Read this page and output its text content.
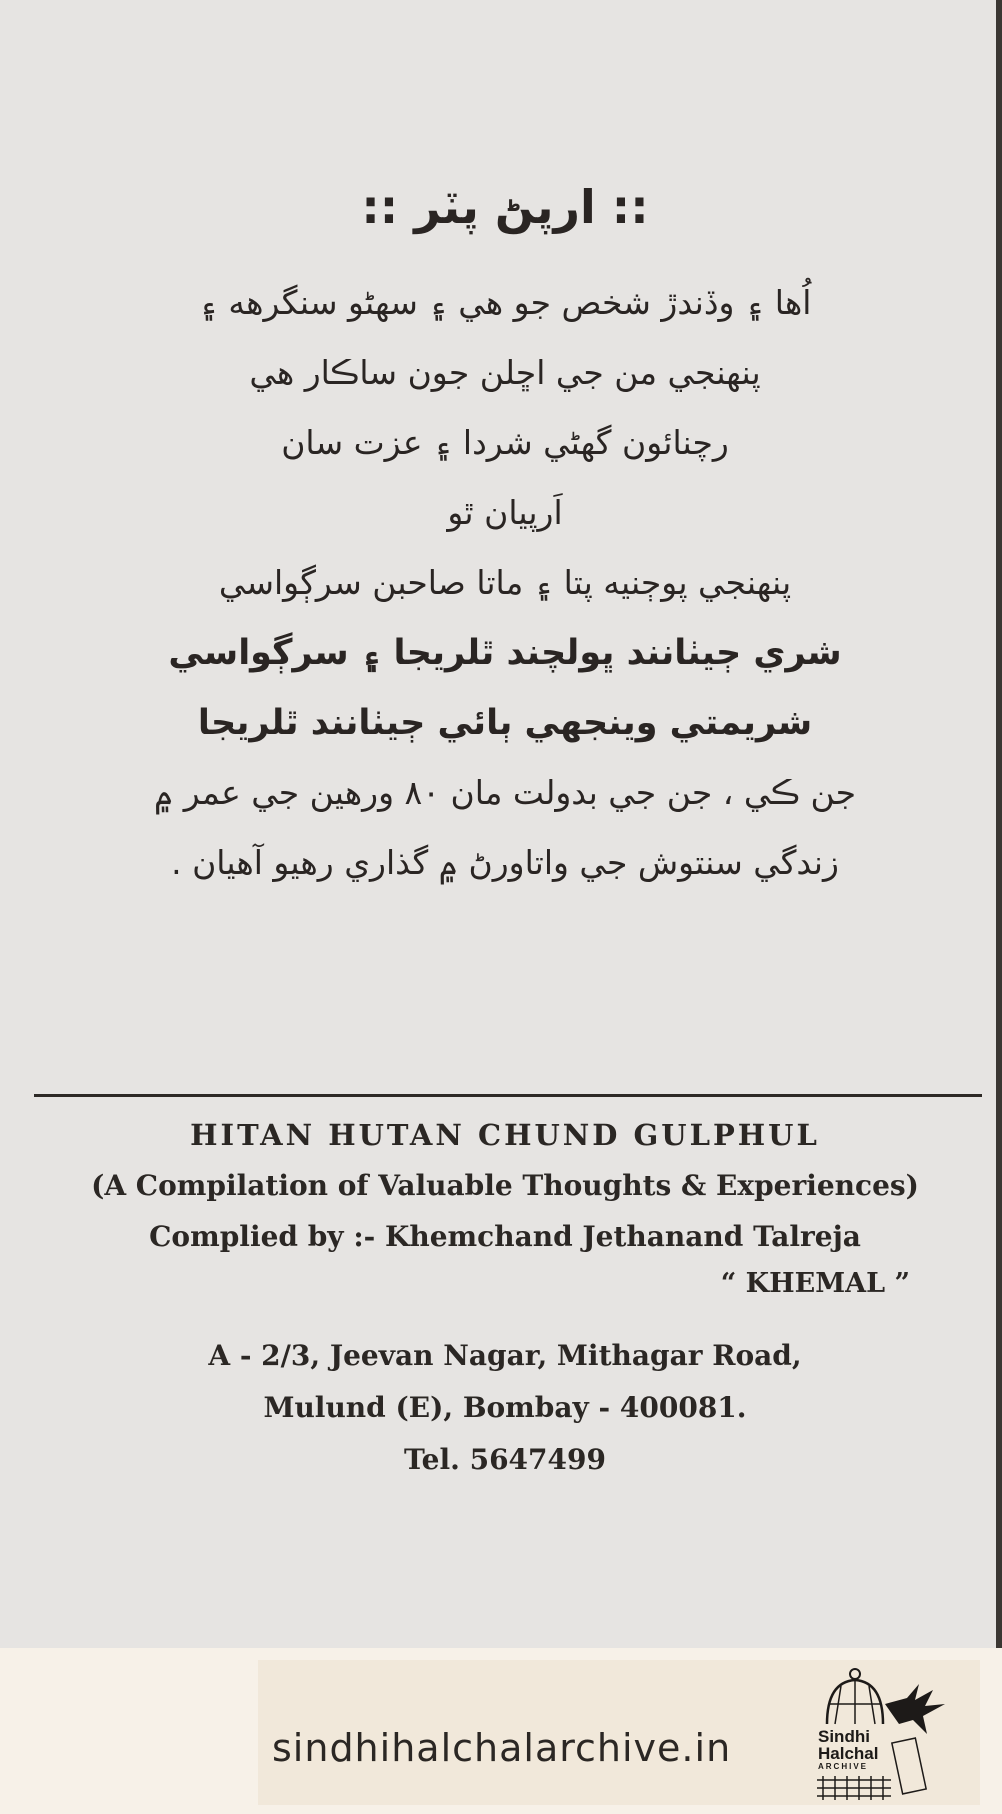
:: ارپڻ پٽر ::

اُها ۽ وڏندڙ شخص جو هي ۽ سهڻو سنگرهه ۽

پنهنجي من جي اڇلن جون ساڪار هي

رچنائون گهڻي شردا ۽ عزت سان

اَرپيان ٿو

پنهنجي پوڄنيه پتا ۽ ماتا صاحبن سرڳواسي

شري ڄيٺانند ڀولچند ٿلريجا ۽ سرڳواسي

شريمتي وينجهي ٻائي ڄيٺانند ٿلريجا

جن ڪي ، جن جي بدولت مان ٨٠ ورهين جي عمر ۾

زندگي سنتوش جي واتاورڻ ۾ گذاري رهيو آهيان .

HITAN HUTAN CHUND GULPHUL

(A Compilation of Valuable Thoughts & Experiences)

Complied by :- Khemchand Jethanand Talreja

“ KHEMAL ”

A - 2/3, Jeevan Nagar, Mithagar Road,

Mulund (E), Bombay - 400081.

Tel. 5647499

sindhihalchalarchive.in	Sindhi
Halchal
ARCHIVE
